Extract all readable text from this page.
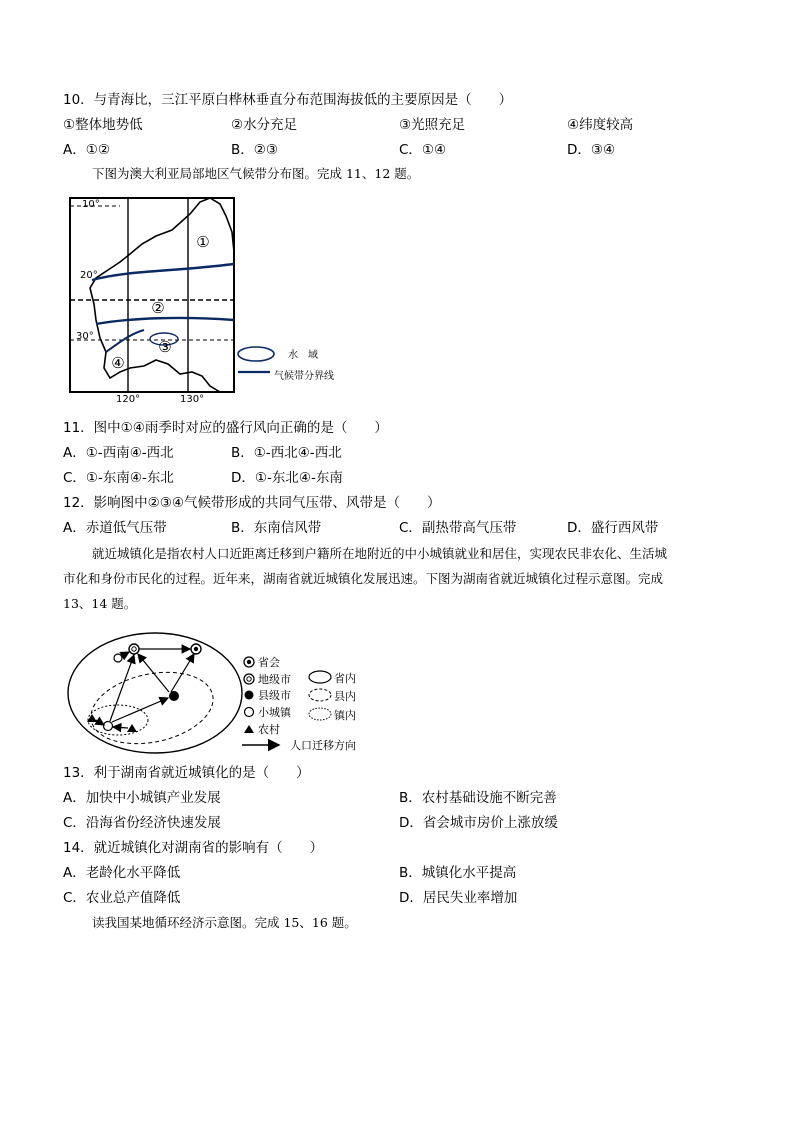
10．与青海比，三江平原白桦林垂直分布范围海拔低的主要原因是（　　）
①整体地势低	②水分充足	③光照充足	④纬度较高
A．①②	B．②③	C．①④	D．③④
下图为澳大利亚局部地区气候带分布图。完成 11、12 题。
①
②
③
④
10°
20°
30°
120°	130°
水　域
气候带分界线
11．图中①④雨季时对应的盛行风向正确的是（　　）
A．①-西南④-西北	B．①-西北④-西北
C．①-东南④-东北	D．①-东北④-东南
12．影响图中②③④气候带形成的共同气压带、风带是（　　）
A．赤道低气压带	B．东南信风带	C．副热带高气压带	D．盛行西风带
就近城镇化是指农村人口近距离迁移到户籍所在地附近的中小城镇就业和居住，实现农民非农化、生活城
市化和身份市民化的过程。近年来，湖南省就近城镇化发展迅速。下图为湖南省就近城镇化过程示意图。完成
13、14 题。
省会
地级市
县级市
小城镇
农村
省内
县内
镇内
人口迁移方向
13．利于湖南省就近城镇化的是（　　）
A．加快中小城镇产业发展	B．农村基础设施不断完善
C．沿海省份经济快速发展	D．省会城市房价上涨放缓
14．就近城镇化对湖南省的影响有（　　）
A．老龄化水平降低	B．城镇化水平提高
C．农业总产值降低	D．居民失业率增加
读我国某地循环经济示意图。完成 15、16 题。
